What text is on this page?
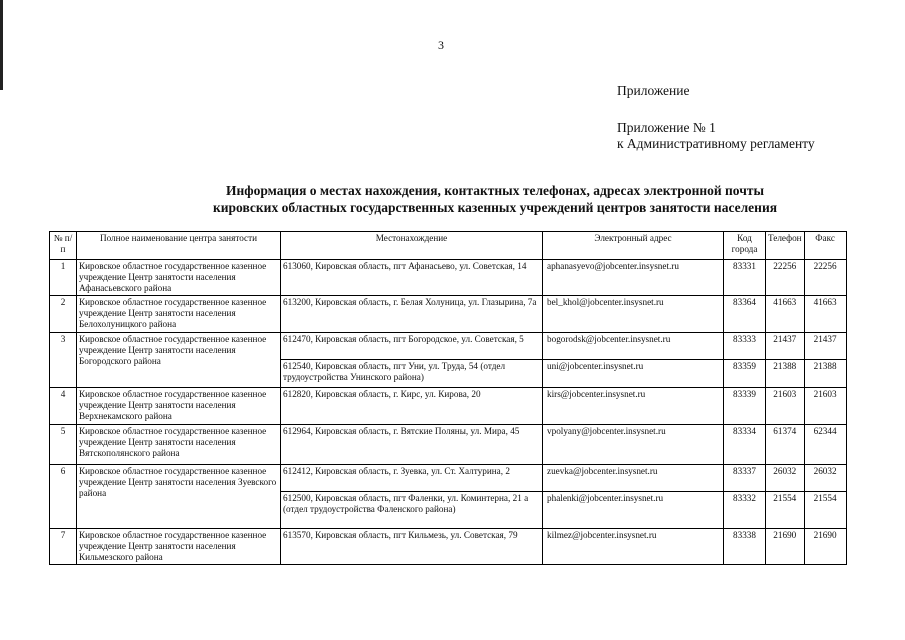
3
Приложение
Приложение № 1
к Административному регламенту
Информация о местах нахождения, контактных телефонах, адресах электронной почты
кировских областных государственных казенных учреждений центров занятости населения
№ п/п	Полное наименование центра занятости	Местонахождение	Электронный адрес	Код города	Телефон	Факс
1	Кировское областное государственное казенное учреждение Центр занятости населения Афанасьевского района	613060, Кировская область, пгт Афанасьево, ул. Советская, 14	aphanasyevo@jobcenter.insysnet.ru	83331	22256	22256
2	Кировское областное государственное казенное учреждение Центр занятости населения Белохолуницкого района	613200, Кировская область, г. Белая Холуница, ул. Глазырина, 7а	bel_khol@jobcenter.insysnet.ru	83364	41663	41663
3	Кировское областное государственное казенное учреждение Центр занятости населения Богородского района	612470, Кировская область, пгт Богородское, ул. Советская, 5	bogorodsk@jobcenter.insysnet.ru	83333	21437	21437
		612540, Кировская область, пгт Уни, ул. Труда, 54 (отдел трудоустройства Унинского района)	uni@jobcenter.insysnet.ru	83359	21388	21388
4	Кировское областное государственное казенное учреждение Центр занятости населения Верхнекамского района	612820, Кировская область, г. Кирс, ул. Кирова, 20	kirs@jobcenter.insysnet.ru	83339	21603	21603
5	Кировское областное государственное казенное учреждение Центр занятости населения Вятскополянского района	612964, Кировская область, г. Вятские Поляны, ул. Мира, 45	vpolyany@jobcenter.insysnet.ru	83334	61374	62344
6	Кировское областное государственное казенное учреждение Центр занятости населения Зуевского района	612412, Кировская область, г. Зуевка, ул. Ст. Халтурина, 2	zuevka@jobcenter.insysnet.ru	83337	26032	26032
		612500, Кировская область, пгт Фаленки, ул. Коминтерна, 21 а (отдел трудоустройства Фаленского района)	phalenki@jobcenter.insysnet.ru	83332	21554	21554
7	Кировское областное государственное казенное учреждение Центр занятости населения Кильмезского района	613570, Кировская область, пгт Кильмезь, ул. Советская, 79	kilmez@jobcenter.insysnet.ru	83338	21690	21690
